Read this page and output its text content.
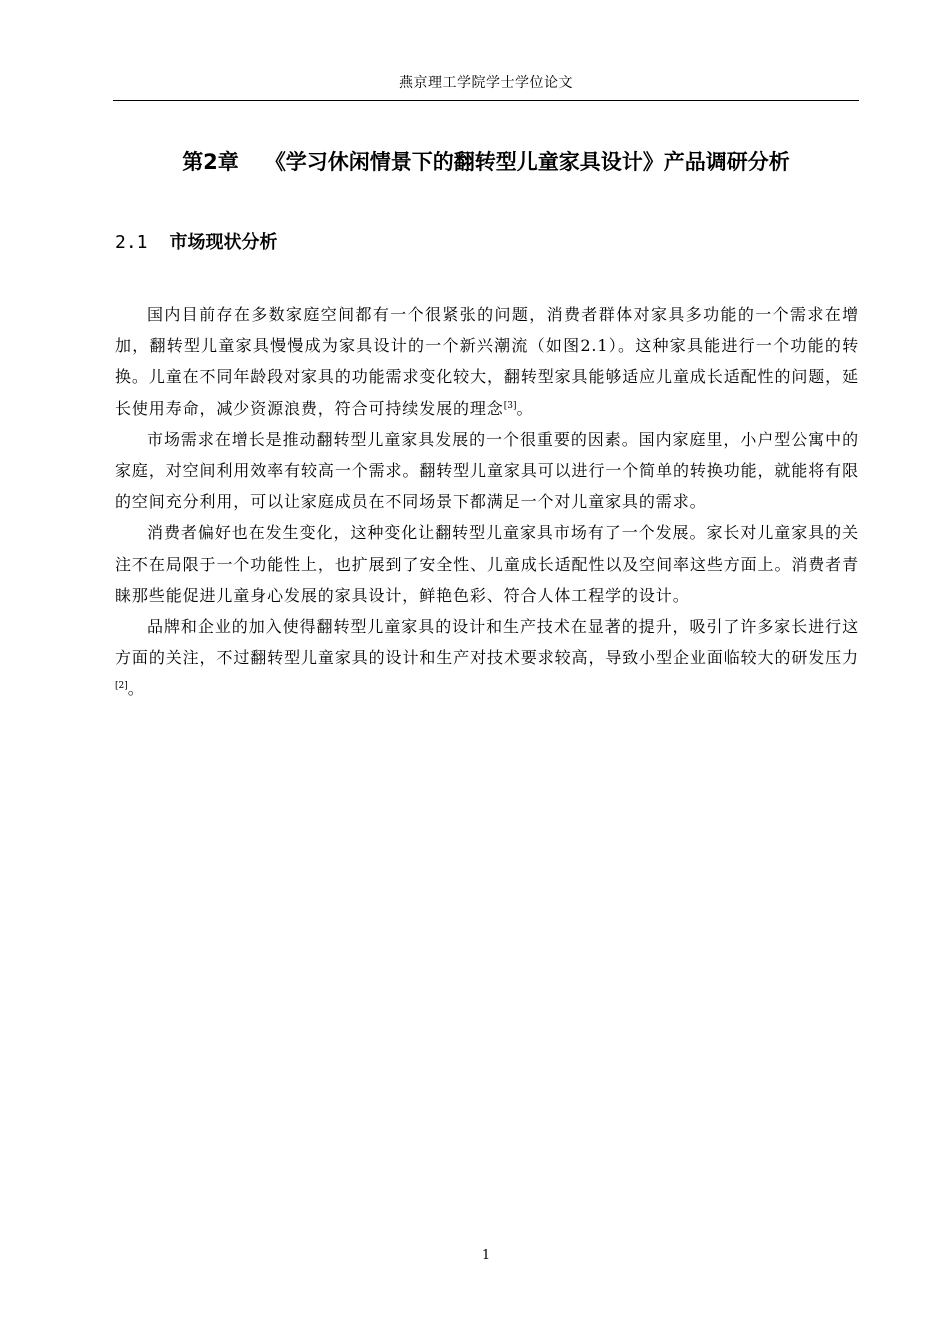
燕京理工学院学士学位论文
第2章 《学习休闲情景下的翻转型儿童家具设计》产品调研分析
2.1 市场现状分析

国内目前存在多数家庭空间都有一个很紧张的问题，消费者群体对家具多功能的一个需求在增加，翻转型儿童家具慢慢成为家具设计的一个新兴潮流（如图2.1）。这种家具能进行一个功能的转换。儿童在不同年龄段对家具的功能需求变化较大，翻转型家具能够适应儿童成长适配性的问题，延长使用寿命，减少资源浪费，符合可持续发展的理念[3]。

市场需求在增长是推动翻转型儿童家具发展的一个很重要的因素。国内家庭里，小户型公寓中的家庭，对空间利用效率有较高一个需求。翻转型儿童家具可以进行一个简单的转换功能，就能将有限的空间充分利用，可以让家庭成员在不同场景下都满足一个对儿童家具的需求。

消费者偏好也在发生变化，这种变化让翻转型儿童家具市场有了一个发展。家长对儿童家具的关注不在局限于一个功能性上，也扩展到了安全性、儿童成长适配性以及空间率这些方面上。消费者青睐那些能促进儿童身心发展的家具设计，鲜艳色彩、符合人体工程学的设计。

品牌和企业的加入使得翻转型儿童家具的设计和生产技术在显著的提升，吸引了许多家长进行这方面的关注，不过翻转型儿童家具的设计和生产对技术要求较高，导致小型企业面临较大的研发压力[2]。

1
